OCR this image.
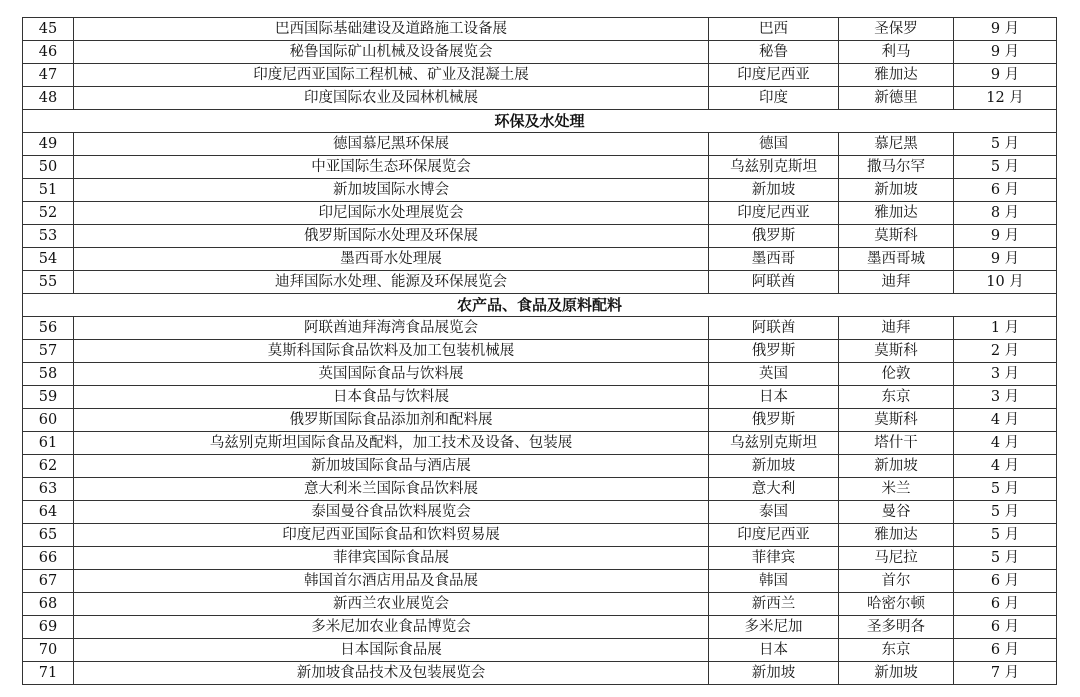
45	巴西国际基础建设及道路施工设备展	巴西	圣保罗	9 月
46	秘鲁国际矿山机械及设备展览会	秘鲁	利马	9 月
47	印度尼西亚国际工程机械、矿业及混凝土展	印度尼西亚	雅加达	9 月
48	印度国际农业及园林机械展	印度	新德里	12 月
环保及水处理				
49	德国慕尼黑环保展	德国	慕尼黑	5 月
50	中亚国际生态环保展览会	乌兹别克斯坦	撒马尔罕	5 月
51	新加坡国际水博会	新加坡	新加坡	6 月
52	印尼国际水处理展览会	印度尼西亚	雅加达	8 月
53	俄罗斯国际水处理及环保展	俄罗斯	莫斯科	9 月
54	墨西哥水处理展	墨西哥	墨西哥城	9 月
55	迪拜国际水处理、能源及环保展览会	阿联酋	迪拜	10 月
农产品、食品及原料配料				
56	阿联酋迪拜海湾食品展览会	阿联酋	迪拜	1 月
57	莫斯科国际食品饮料及加工包装机械展	俄罗斯	莫斯科	2 月
58	英国国际食品与饮料展	英国	伦敦	3 月
59	日本食品与饮料展	日本	东京	3 月
60	俄罗斯国际食品添加剂和配料展	俄罗斯	莫斯科	4 月
61	乌兹别克斯坦国际食品及配料，加工技术及设备、包装展	乌兹别克斯坦	塔什干	4 月
62	新加坡国际食品与酒店展	新加坡	新加坡	4 月
63	意大利米兰国际食品饮料展	意大利	米兰	5 月
64	泰国曼谷食品饮料展览会	泰国	曼谷	5 月
65	印度尼西亚国际食品和饮料贸易展	印度尼西亚	雅加达	5 月
66	菲律宾国际食品展	菲律宾	马尼拉	5 月
67	韩国首尔酒店用品及食品展	韩国	首尔	6 月
68	新西兰农业展览会	新西兰	哈密尔顿	6 月
69	多米尼加农业食品博览会	多米尼加	圣多明各	6 月
70	日本国际食品展	日本	东京	6 月
71	新加坡食品技术及包装展览会	新加坡	新加坡	7 月
